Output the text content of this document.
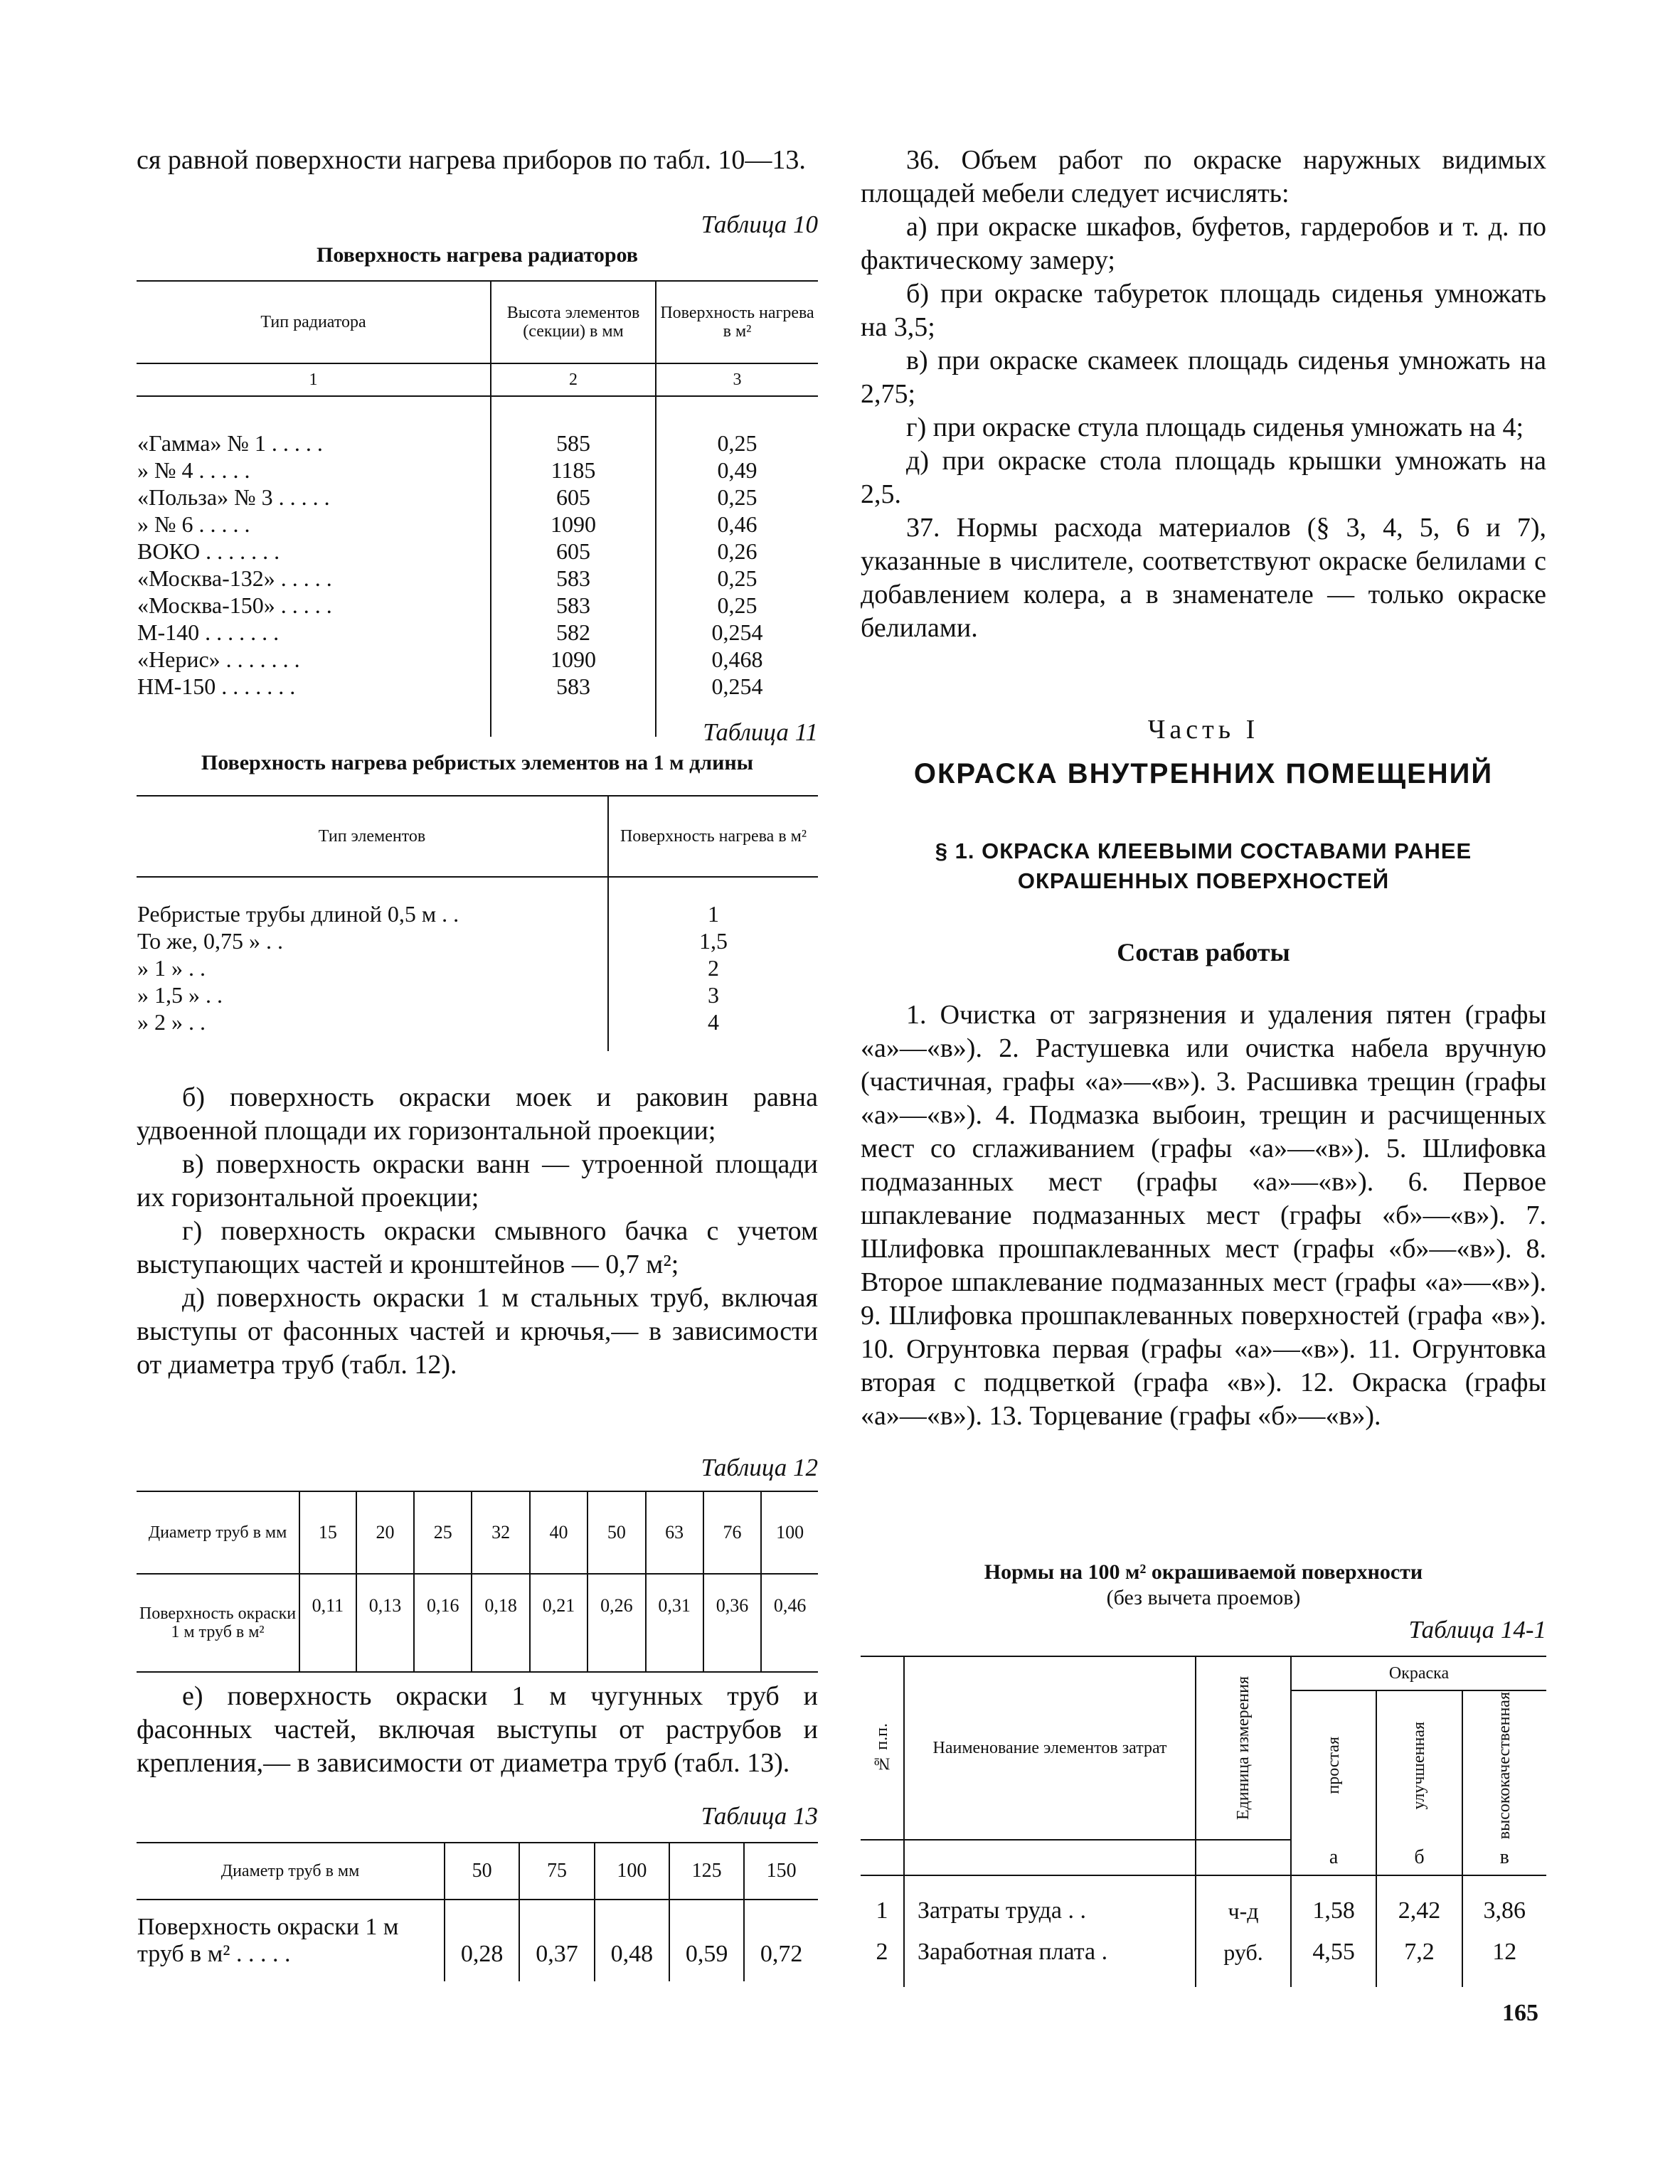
ся равной поверхности нагрева приборов по табл. 10—13.

Таблица 10

Поверхность нагрева радиаторов

Тип радиатора	Высота элементов (секции) в мм	Поверхность нагрева в м²
1	2	3

«Гамма» № 1 . . . . .	585	0,25
» № 4 . . . . .	1185	0,49
«Польза» № 3 . . . . .	605	0,25
» № 6 . . . . .	1090	0,46
ВОКО . . . . . . .	605	0,26
«Москва-132» . . . . .	583	0,25
«Москва-150» . . . . .	583	0,25
М-140 . . . . . . .	582	0,254
«Нерис» . . . . . . .	1090	0,468
НМ-150 . . . . . . .	583	0,254

Таблица 11

Поверхность нагрева ребристых элементов на 1 м длины

Тип элементов	Поверхность нагрева в м²

Ребристые трубы длиной 0,5 м . .	1
То же, 0,75 » . .	1,5
» 1 » . .	2
» 1,5 » . .	3
» 2 » . .	4

б) поверхность окраски моек и раковин равна удвоенной площади их горизонтальной проекции;

в) поверхность окраски ванн — утроенной площади их горизонтальной проекции;

г) поверхность окраски смывного бачка с учетом выступающих частей и кронштейнов — 0,7 м²;

д) поверхность окраски 1 м стальных труб, включая выступы от фасонных частей и крючья,— в зависимости от диаметра труб (табл. 12).

Таблица 12

Диаметр труб в мм	15	20	25	32	40	50	63	76	100
Поверхность окраски 1 м труб в м²	0,11	0,13	0,16	0,18	0,21	0,26	0,31	0,36	0,46

е) поверхность окраски 1 м чугунных труб и фасонных частей, включая выступы от раструбов и крепления,— в зависимости от диаметра труб (табл. 13).

Таблица 13

Диаметр труб в мм	50	75	100	125	150
Поверхность окраски 1 м труб в м² . . . . .	0,28	0,37	0,48	0,59	0,72

36. Объем работ по окраске наружных видимых площадей мебели следует исчислять:

а) при окраске шкафов, буфетов, гардеробов и т. д. по фактическому замеру;

б) при окраске табуреток площадь сиденья умножать на 3,5;

в) при окраске скамеек площадь сиденья умножать на 2,75;

г) при окраске стула площадь сиденья умножать на 4;

д) при окраске стола площадь крышки умножать на 2,5.

37. Нормы расхода материалов (§ 3, 4, 5, 6 и 7), указанные в числителе, соответствуют окраске белилами с добавлением колера, а в знаменателе — только окраске белилами.

Часть I

ОКРАСКА ВНУТРЕННИХ ПОМЕЩЕНИЙ

§ 1. ОКРАСКА КЛЕЕВЫМИ СОСТАВАМИ РАНЕЕ ОКРАШЕННЫХ ПОВЕРХНОСТЕЙ

Состав работы

1. Очистка от загрязнения и удаления пятен (графы «а»—«в»). 2. Растушевка или очистка набела вручную (частичная, графы «а»—«в»). 3. Расшивка трещин (графы «а»—«в»). 4. Подмазка выбоин, трещин и расчищенных мест со сглаживанием (графы «а»—«в»). 5. Шлифовка подмазанных мест (графы «а»—«в»). 6. Первое шпаклевание подмазанных мест (графы «б»—«в»). 7. Шлифовка прошпаклеванных мест (графы «б»—«в»). 8. Второе шпаклевание подмазанных мест (графы «а»—«в»). 9. Шлифовка прошпаклеванных поверхностей (графа «в»). 10. Огрунтовка первая (графы «а»—«в»). 11. Огрунтовка вторая с подцветкой (графа «в»). 12. Окраска (графы «а»—«в»). 13. Торцевание (графы «б»—«в»).

Нормы на 100 м² окрашиваемой поверхности

(без вычета проемов)

Таблица 14-1

№ п.п.	Наименование элементов затрат	Единица измерения	Окраска		

			простая	улучшенная	высококачественная

			а	б	в

1	Затраты труда . .	ч-д	1,58	2,42	3,86
2	Заработная плата .	руб.	4,55	7,2	12

165
